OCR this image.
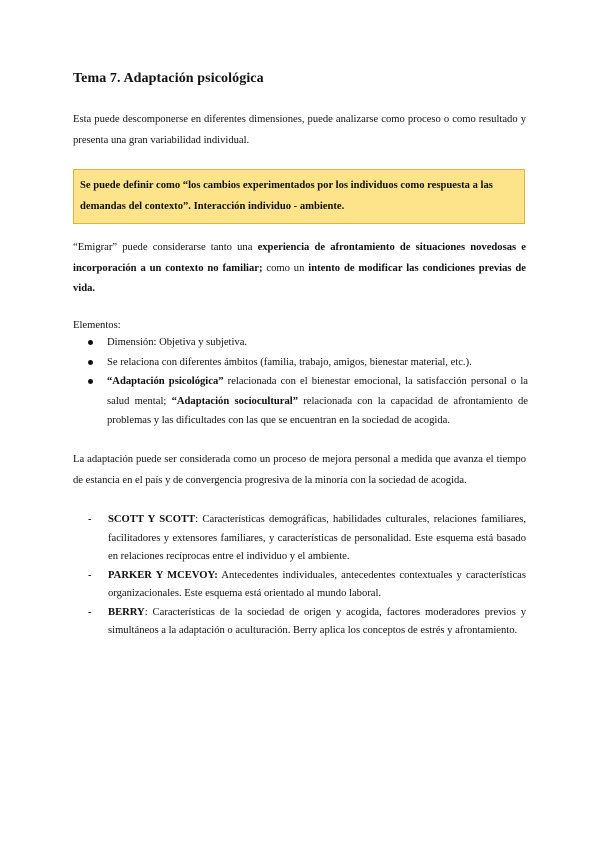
Tema 7. Adaptación psicológica

Esta puede descomponerse en diferentes dimensiones, puede analizarse como proceso o como resultado y presenta una gran variabilidad individual.

Se puede definir como “los cambios experimentados por los individuos como respuesta a las demandas del contexto”. Interacción individuo - ambiente.

“Emigrar” puede considerarse tanto una experiencia de afrontamiento de situaciones novedosas e incorporación a un contexto no familiar; como un intento de modificar las condiciones previas de vida.

Elementos:

Dimensión: Objetiva y subjetiva.
Se relaciona con diferentes ámbitos (familia, trabajo, amigos, bienestar material, etc.).
“Adaptación psicológica” relacionada con el bienestar emocional, la satisfacción personal o la salud mental; “Adaptación sociocultural” relacionada con la capacidad de afrontamiento de problemas y las dificultades con las que se encuentran en la sociedad de acogida.

La adaptación puede ser considerada como un proceso de mejora personal a medida que avanza el tiempo de estancia en el país y de convergencia progresiva de la minoría con la sociedad de acogida.

- SCOTT Y SCOTT: Características demográficas, habilidades culturales, relaciones familiares, facilitadores y extensores familiares, y características de personalidad. Este esquema está basado en relaciones recíprocas entre el individuo y el ambiente.
- PARKER Y MCEVOY: Antecedentes individuales, antecedentes contextuales y características organizacionales. Este esquema está orientado al mundo laboral.
- BERRY: Características de la sociedad de origen y acogida, factores moderadores previos y simultáneos a la adaptación o aculturación. Berry aplica los conceptos de estrés y afrontamiento.
